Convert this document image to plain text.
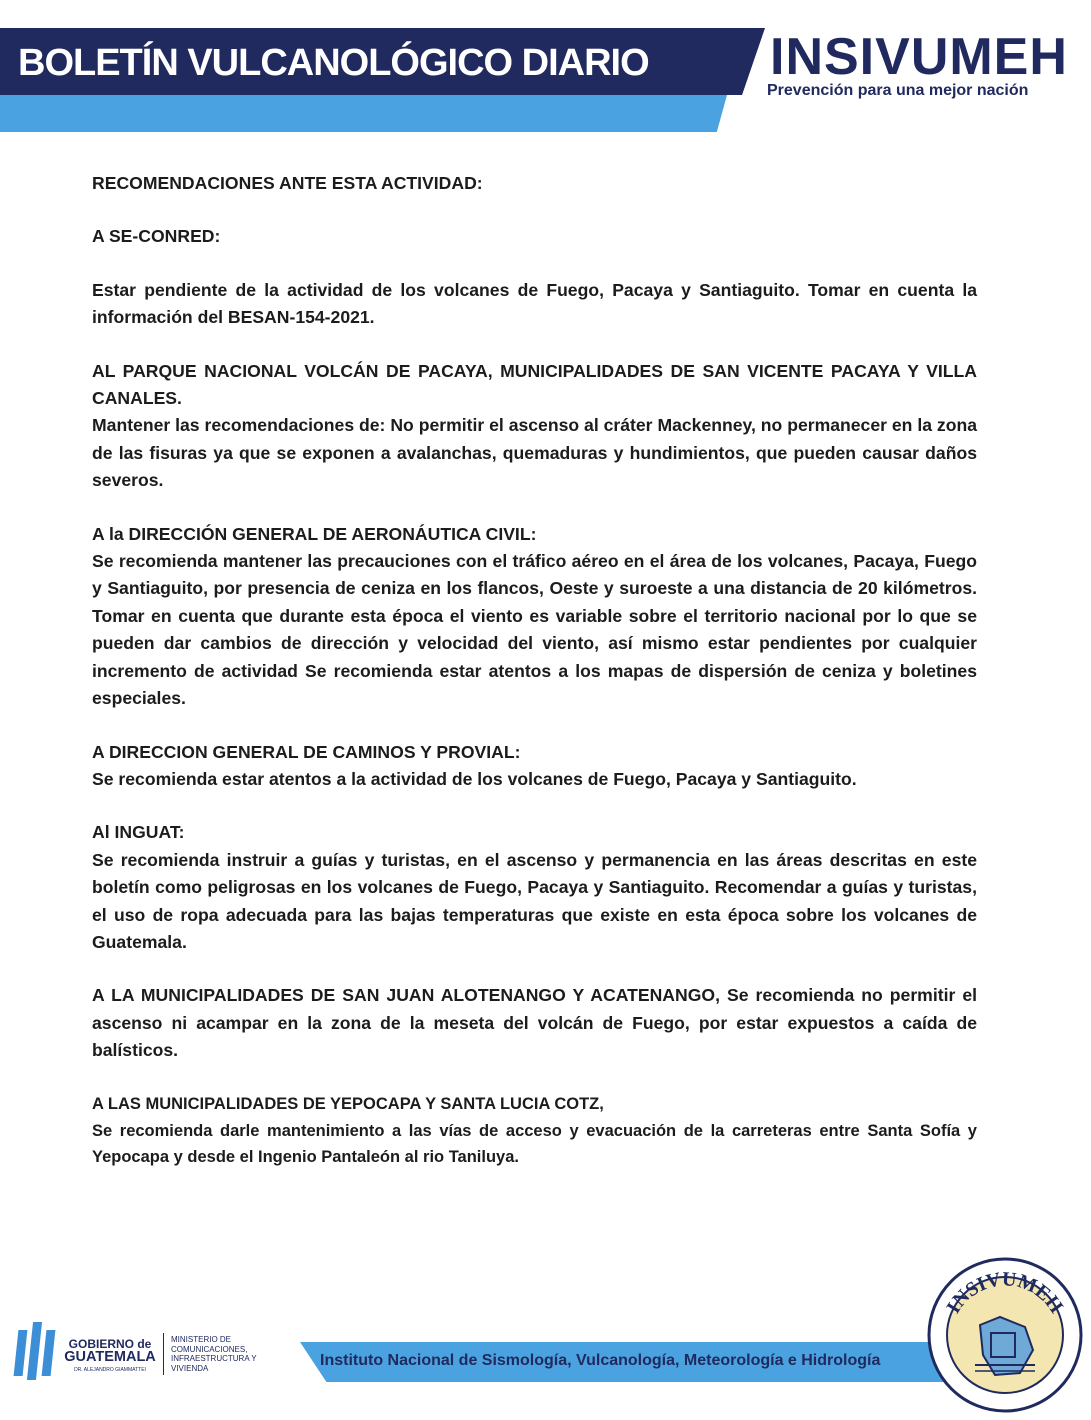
BOLETÍN VULCANOLÓGICO DIARIO INSIVUMEH
Prevención para una mejor nación
RECOMENDACIONES ANTE ESTA ACTIVIDAD:
A SE-CONRED:

Estar pendiente de la actividad de los volcanes de Fuego, Pacaya y Santiaguito. Tomar en cuenta la información del BESAN-154-2021.

AL PARQUE NACIONAL VOLCÁN DE PACAYA, MUNICIPALIDADES DE SAN VICENTE PACAYA Y VILLA CANALES.

Mantener las recomendaciones de: No permitir el ascenso al cráter Mackenney, no permanecer en la zona de las fisuras ya que se exponen a avalanchas, quemaduras y hundimientos, que pueden causar daños severos.

A la DIRECCIÓN GENERAL DE AERONÁUTICA CIVIL:

Se recomienda mantener las precauciones con el tráfico aéreo en el área de los volcanes, Pacaya, Fuego y Santiaguito, por presencia de ceniza en los flancos, Oeste y suroeste a una distancia de 20 kilómetros. Tomar en cuenta que durante esta época el viento es variable sobre el territorio nacional por lo que se pueden dar cambios de dirección y velocidad del viento, así mismo estar pendientes por cualquier incremento de actividad Se recomienda estar atentos a los mapas de dispersión de ceniza y boletines especiales.

A DIRECCION GENERAL DE CAMINOS Y PROVIAL:

Se recomienda estar atentos a la actividad de los volcanes de Fuego, Pacaya y Santiaguito.

Al INGUAT:

Se recomienda instruir a guías y turistas, en el ascenso y permanencia en las áreas descritas en este boletín como peligrosas en los volcanes de Fuego, Pacaya y Santiaguito. Recomendar a guías y turistas, el uso de ropa adecuada para las bajas temperaturas que existe en esta época sobre los volcanes de Guatemala.

A LA MUNICIPALIDADES DE SAN JUAN ALOTENANGO Y ACATENANGO, Se recomienda no permitir el ascenso ni acampar en la zona de la meseta del volcán de Fuego, por estar expuestos a caída de balísticos.

A LAS MUNICIPALIDADES DE YEPOCAPA Y SANTA LUCIA COTZ,

Se recomienda darle mantenimiento a las vías de acceso y evacuación de la carreteras entre Santa Sofía y Yepocapa y desde el Ingenio Pantaleón al rio Taniluya.

GOBIERNO de
GUATEMALA
DR. ALEJANDRO GIAMMATTEI
MINISTERIO DE COMUNICACIONES, INFRAESTRUCTURA Y VIVIENDA	Instituto Nacional de Sismología, Vulcanología, Meteorología e Hidrología
INSIVUMEH
